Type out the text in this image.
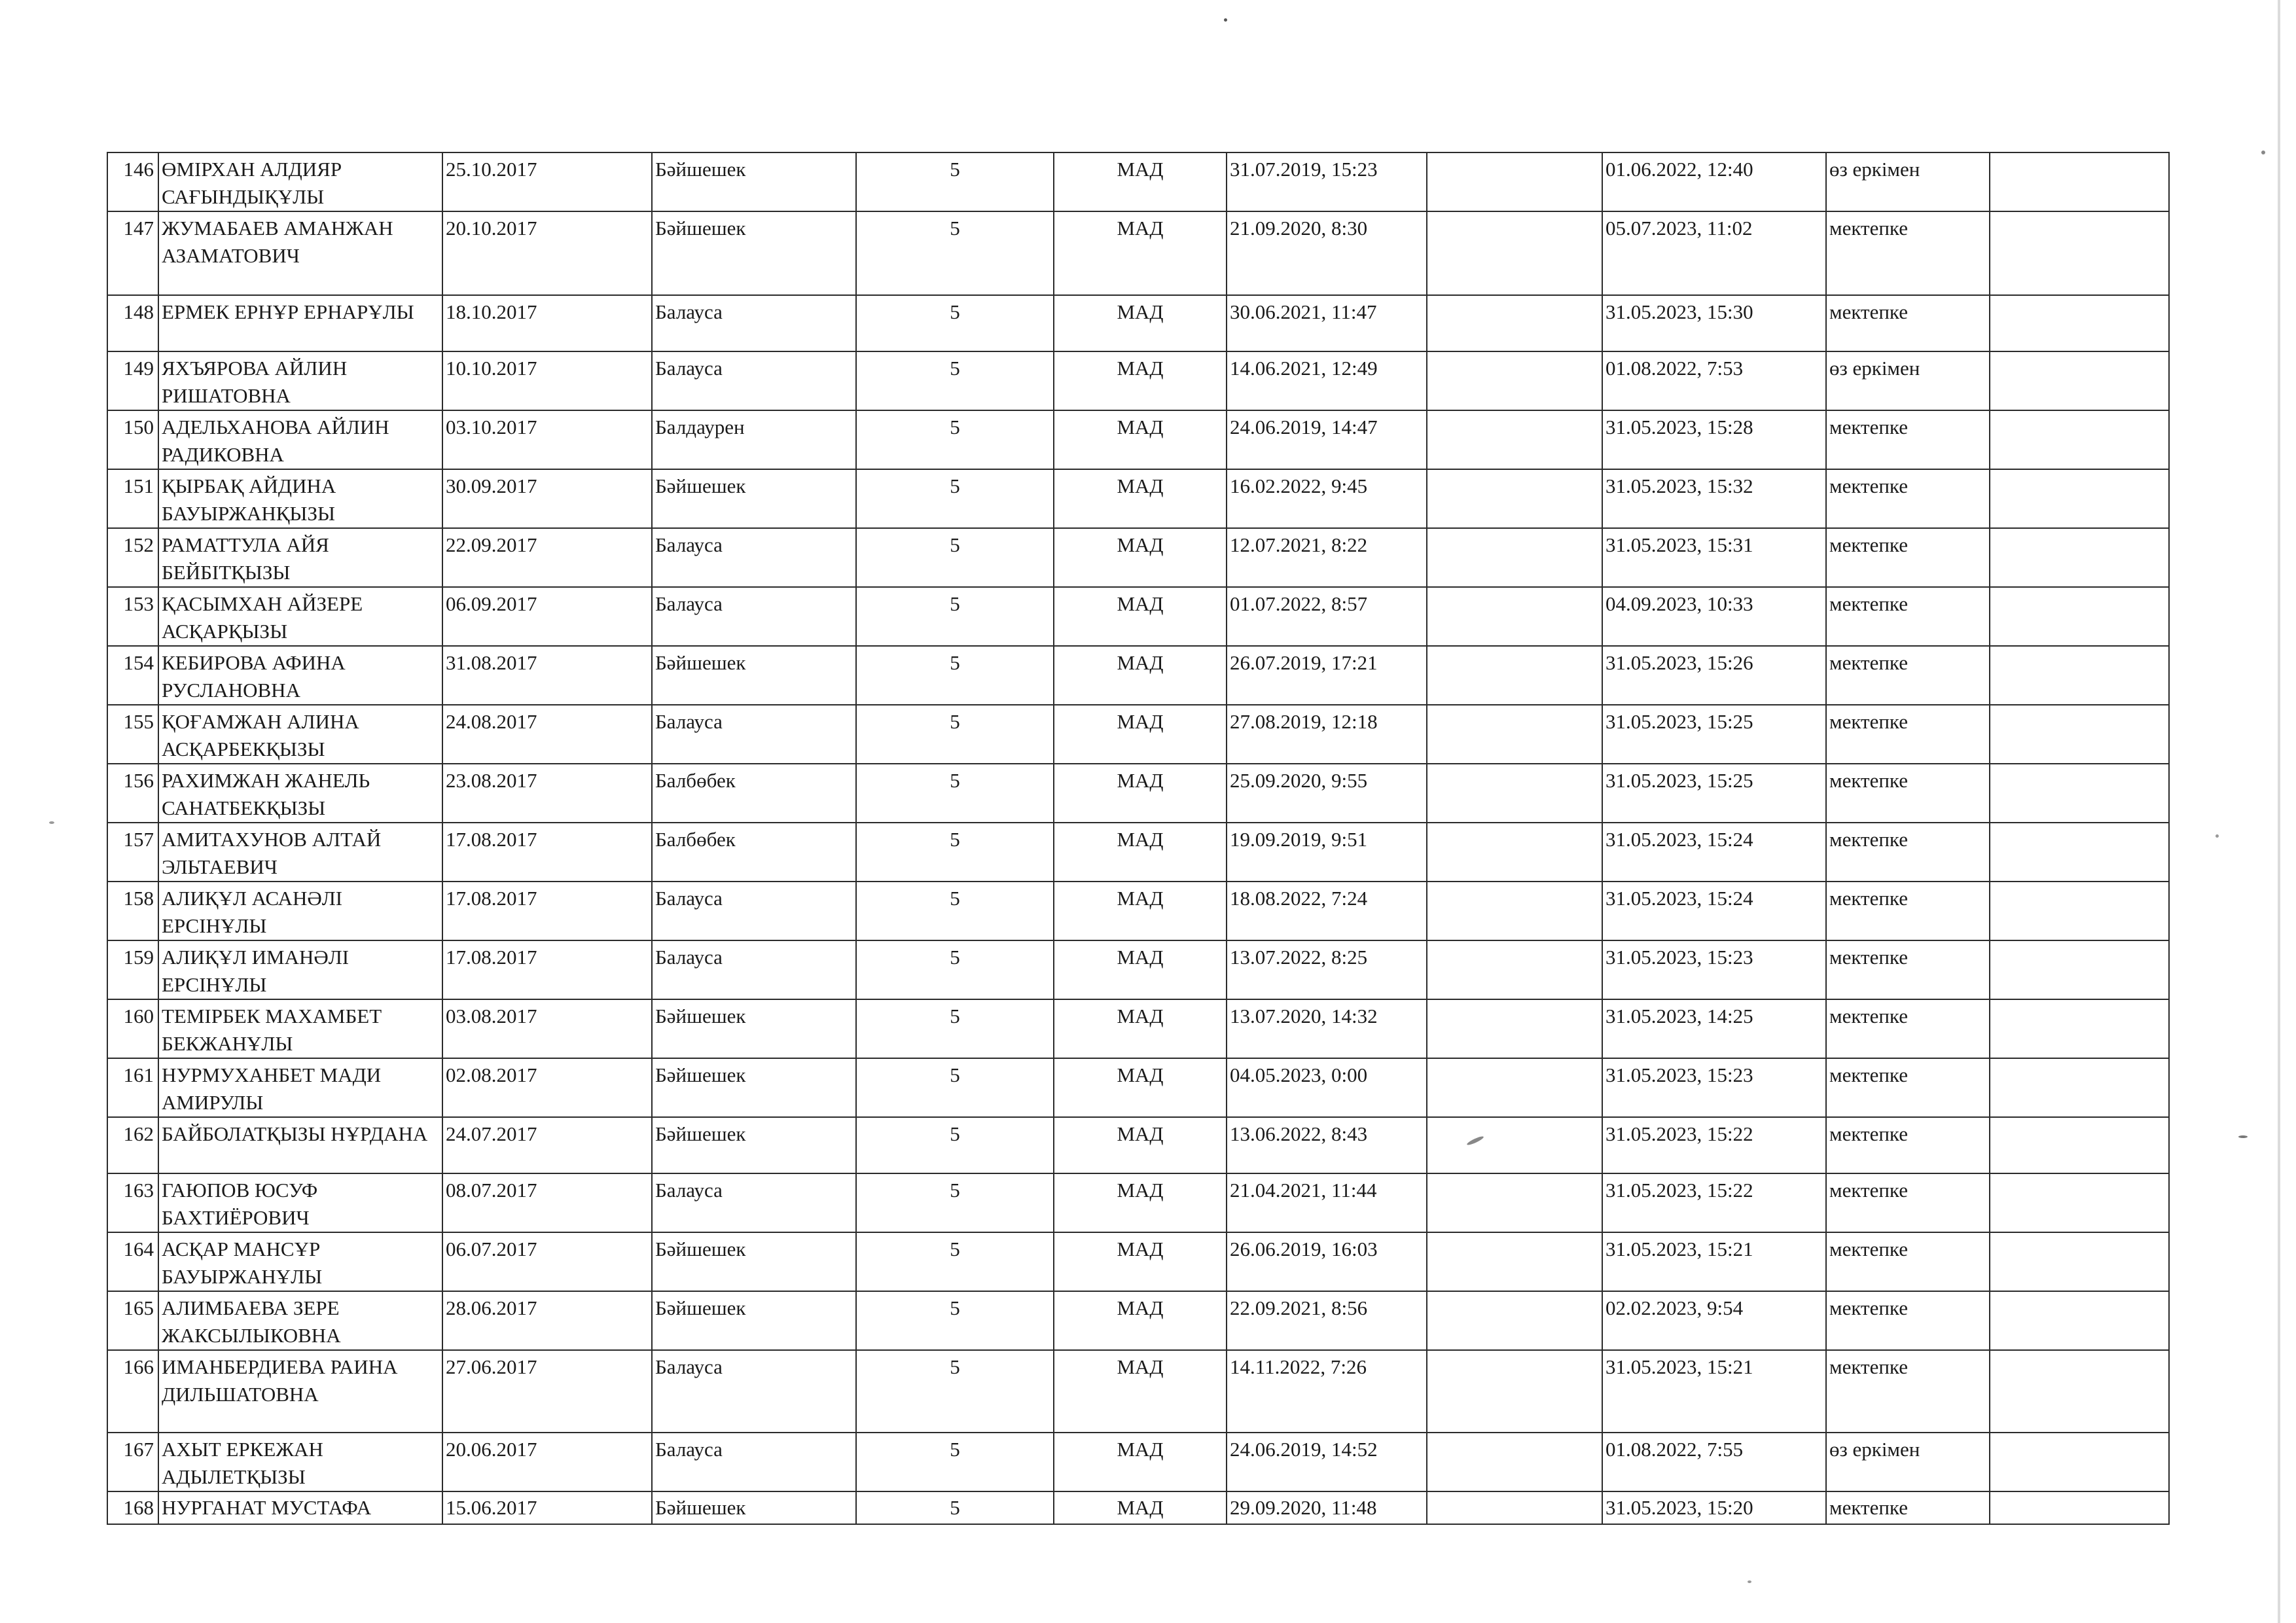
146	ӨМІРХАН АЛДИЯР САҒЫНДЫҚҰЛЫ	25.10.2017	Бәйшешек	5	МАД	31.07.2019, 15:23		01.06.2022, 12:40	өз еркімен	
147	ЖУМАБАЕВ АМАНЖАН АЗАМАТОВИЧ	20.10.2017	Бәйшешек	5	МАД	21.09.2020, 8:30		05.07.2023, 11:02	мектепке	
148	ЕРМЕК ЕРНҰР ЕРНАРҰЛЫ	18.10.2017	Балауса	5	МАД	30.06.2021, 11:47		31.05.2023, 15:30	мектепке	
149	ЯХЪЯРОВА АЙЛИН РИШАТОВНА	10.10.2017	Балауса	5	МАД	14.06.2021, 12:49		01.08.2022, 7:53	өз еркімен	
150	АДЕЛЬХАНОВА АЙЛИН РАДИКОВНА	03.10.2017	Балдаурен	5	МАД	24.06.2019, 14:47		31.05.2023, 15:28	мектепке	
151	ҚЫРБАҚ АЙДИНА БАУЫРЖАНҚЫЗЫ	30.09.2017	Бәйшешек	5	МАД	16.02.2022, 9:45		31.05.2023, 15:32	мектепке	
152	РАМАТТУЛА АЙЯ БЕЙБІТҚЫЗЫ	22.09.2017	Балауса	5	МАД	12.07.2021, 8:22		31.05.2023, 15:31	мектепке	
153	ҚАСЫМХАН АЙЗЕРЕ АСҚАРҚЫЗЫ	06.09.2017	Балауса	5	МАД	01.07.2022, 8:57		04.09.2023, 10:33	мектепке	
154	КЕБИРОВА АФИНА РУСЛАНОВНА	31.08.2017	Бәйшешек	5	МАД	26.07.2019, 17:21		31.05.2023, 15:26	мектепке	
155	ҚОҒАМЖАН АЛИНА АСҚАРБЕКҚЫЗЫ	24.08.2017	Балауса	5	МАД	27.08.2019, 12:18		31.05.2023, 15:25	мектепке	
156	РАХИМЖАН ЖАНЕЛЬ САНАТБЕКҚЫЗЫ	23.08.2017	Балбөбек	5	МАД	25.09.2020, 9:55		31.05.2023, 15:25	мектепке	
157	АМИТАХУНОВ АЛТАЙ ЭЛЬТАЕВИЧ	17.08.2017	Балбөбек	5	МАД	19.09.2019, 9:51		31.05.2023, 15:24	мектепке	
158	АЛИҚҰЛ АСАНӘЛІ ЕРСІНҰЛЫ	17.08.2017	Балауса	5	МАД	18.08.2022, 7:24		31.05.2023, 15:24	мектепке	
159	АЛИҚҰЛ ИМАНӘЛІ ЕРСІНҰЛЫ	17.08.2017	Балауса	5	МАД	13.07.2022, 8:25		31.05.2023, 15:23	мектепке	
160	ТЕМІРБЕК МАХАМБЕТ БЕКЖАНҰЛЫ	03.08.2017	Бәйшешек	5	МАД	13.07.2020, 14:32		31.05.2023, 14:25	мектепке	
161	НУРМУХАНБЕТ МАДИ АМИРУЛЫ	02.08.2017	Бәйшешек	5	МАД	04.05.2023, 0:00		31.05.2023, 15:23	мектепке	
162	БАЙБОЛАТҚЫЗЫ НҰРДАНА	24.07.2017	Бәйшешек	5	МАД	13.06.2022, 8:43		31.05.2023, 15:22	мектепке	
163	ГАЮПОВ ЮСУФ БАХТИЁРОВИЧ	08.07.2017	Балауса	5	МАД	21.04.2021, 11:44		31.05.2023, 15:22	мектепке	
164	АСҚАР МАНСҰР БАУЫРЖАНҰЛЫ	06.07.2017	Бәйшешек	5	МАД	26.06.2019, 16:03		31.05.2023, 15:21	мектепке	
165	АЛИМБАЕВА ЗЕРЕ ЖАКСЫЛЫКОВНА	28.06.2017	Бәйшешек	5	МАД	22.09.2021, 8:56		02.02.2023, 9:54	мектепке	
166	ИМАНБЕРДИЕВА РАИНА ДИЛЬШАТОВНА	27.06.2017	Балауса	5	МАД	14.11.2022, 7:26		31.05.2023, 15:21	мектепке	
167	АХЫТ ЕРКЕЖАН АДЫЛЕТҚЫЗЫ	20.06.2017	Балауса	5	МАД	24.06.2019, 14:52		01.08.2022, 7:55	өз еркімен	
168	НУРГАНАТ МУСТАФА	15.06.2017	Бәйшешек	5	МАД	29.09.2020, 11:48		31.05.2023, 15:20	мектепке	
